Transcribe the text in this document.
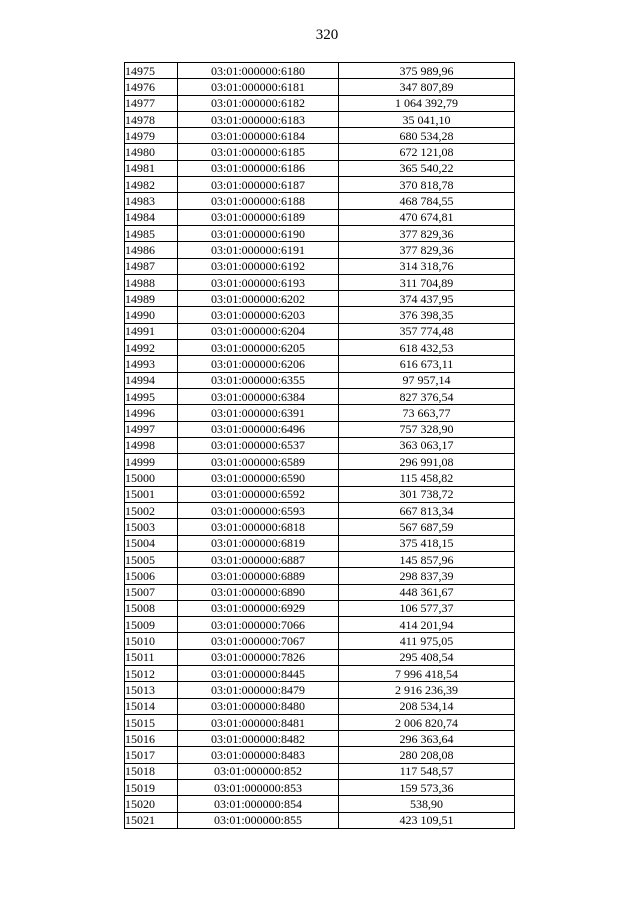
320
14975	03:01:000000:6180	375 989,96
14976	03:01:000000:6181	347 807,89
14977	03:01:000000:6182	1 064 392,79
14978	03:01:000000:6183	35 041,10
14979	03:01:000000:6184	680 534,28
14980	03:01:000000:6185	672 121,08
14981	03:01:000000:6186	365 540,22
14982	03:01:000000:6187	370 818,78
14983	03:01:000000:6188	468 784,55
14984	03:01:000000:6189	470 674,81
14985	03:01:000000:6190	377 829,36
14986	03:01:000000:6191	377 829,36
14987	03:01:000000:6192	314 318,76
14988	03:01:000000:6193	311 704,89
14989	03:01:000000:6202	374 437,95
14990	03:01:000000:6203	376 398,35
14991	03:01:000000:6204	357 774,48
14992	03:01:000000:6205	618 432,53
14993	03:01:000000:6206	616 673,11
14994	03:01:000000:6355	97 957,14
14995	03:01:000000:6384	827 376,54
14996	03:01:000000:6391	73 663,77
14997	03:01:000000:6496	757 328,90
14998	03:01:000000:6537	363 063,17
14999	03:01:000000:6589	296 991,08
15000	03:01:000000:6590	115 458,82
15001	03:01:000000:6592	301 738,72
15002	03:01:000000:6593	667 813,34
15003	03:01:000000:6818	567 687,59
15004	03:01:000000:6819	375 418,15
15005	03:01:000000:6887	145 857,96
15006	03:01:000000:6889	298 837,39
15007	03:01:000000:6890	448 361,67
15008	03:01:000000:6929	106 577,37
15009	03:01:000000:7066	414 201,94
15010	03:01:000000:7067	411 975,05
15011	03:01:000000:7826	295 408,54
15012	03:01:000000:8445	7 996 418,54
15013	03:01:000000:8479	2 916 236,39
15014	03:01:000000:8480	208 534,14
15015	03:01:000000:8481	2 006 820,74
15016	03:01:000000:8482	296 363,64
15017	03:01:000000:8483	280 208,08
15018	03:01:000000:852	117 548,57
15019	03:01:000000:853	159 573,36
15020	03:01:000000:854	538,90
15021	03:01:000000:855	423 109,51
